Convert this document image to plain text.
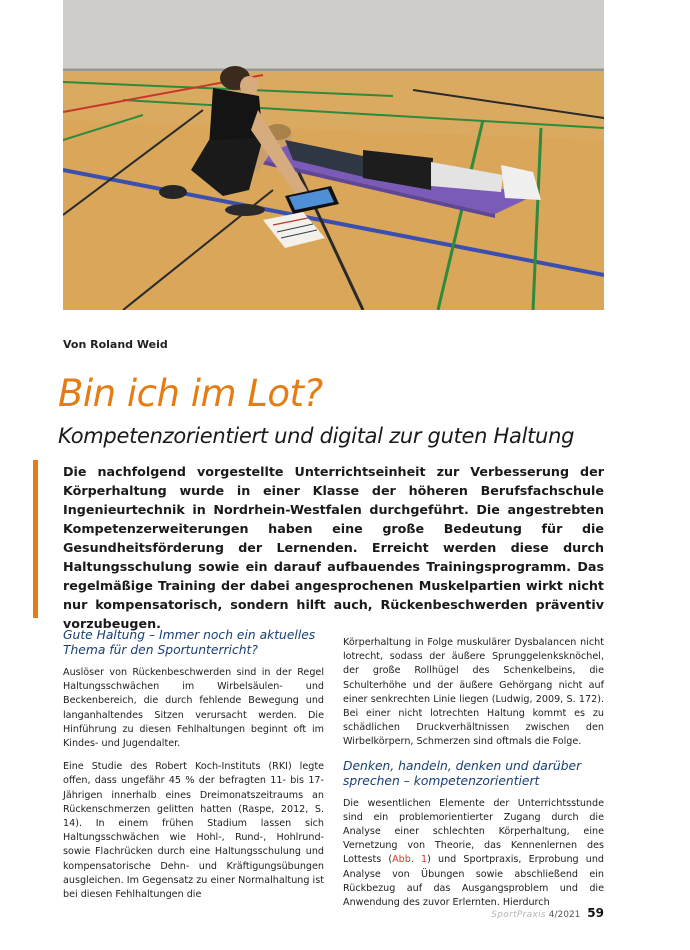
Von Roland Weid
Bin ich im Lot?
Kompetenzorientiert und digital zur guten Haltung

Die nachfolgend vorgestellte Unterrichtseinheit zur Verbesserung der Körperhaltung wurde in einer Klasse der höheren Berufsfachschule Ingenieurtechnik in Nordrhein-Westfalen durchgeführt. Die angestrebten Kompetenzerweiterungen haben eine große Bedeutung für die Gesundheitsförderung der Lernenden. Erreicht werden diese durch Haltungsschulung sowie ein darauf aufbauendes Trainingsprogramm. Das regelmäßige Training der dabei angesprochenen Muskelpartien wirkt nicht nur kompensatorisch, sondern hilft auch, Rückenbeschwerden präventiv vorzubeugen.

Gute Haltung – Immer noch ein aktuelles Thema für den Sportunterricht?

Auslöser von Rückenbeschwerden sind in der Regel Haltungsschwächen im Wirbelsäulen- und Beckenbereich, die durch fehlende Bewegung und langanhaltendes Sitzen verursacht werden. Die Hinführung zu diesen Fehlhaltungen beginnt oft im Kindes- und Jugendalter.

Eine Studie des Robert Koch-Instituts (RKI) legte offen, dass ungefähr 45 % der befragten 11- bis 17-Jährigen innerhalb eines Dreimonatszeitraums an Rückenschmerzen gelitten hatten (Raspe, 2012, S. 14). In einem frühen Stadium lassen sich Haltungsschwächen wie Hohl-, Rund-, Hohlrund- sowie Flachrücken durch eine Haltungsschulung und kompensatorische Dehn- und Kräftigungsübungen ausgleichen. Im Gegensatz zu einer Normalhaltung ist bei diesen Fehlhaltungen die

Körperhaltung in Folge muskulärer Dysbalancen nicht lotrecht, sodass der äußere Sprunggelenksknöchel, der große Rollhügel des Schenkelbeins, die Schulterhöhe und der äußere Gehörgang nicht auf einer senkrechten Linie liegen (Ludwig, 2009, S. 172). Bei einer nicht lotrechten Haltung kommt es zu schädlichen Druckverhältnissen zwischen den Wirbelkörpern, Schmerzen sind oftmals die Folge.

Denken, handeln, denken und darüber sprechen – kompetenzorientiert

Die wesentlichen Elemente der Unterrichtsstunde sind ein problemorientierter Zugang durch die Analyse einer schlechten Körperhaltung, eine Vernetzung von Theorie, das Kennenlernen des Lottests (Abb. 1) und Sportpraxis, Erprobung und Analyse von Übungen sowie abschließend ein Rückbezug auf das Ausgangsproblem und die Anwendung des zuvor Erlernten. Hierdurch

SportPraxis 4/2021 59
